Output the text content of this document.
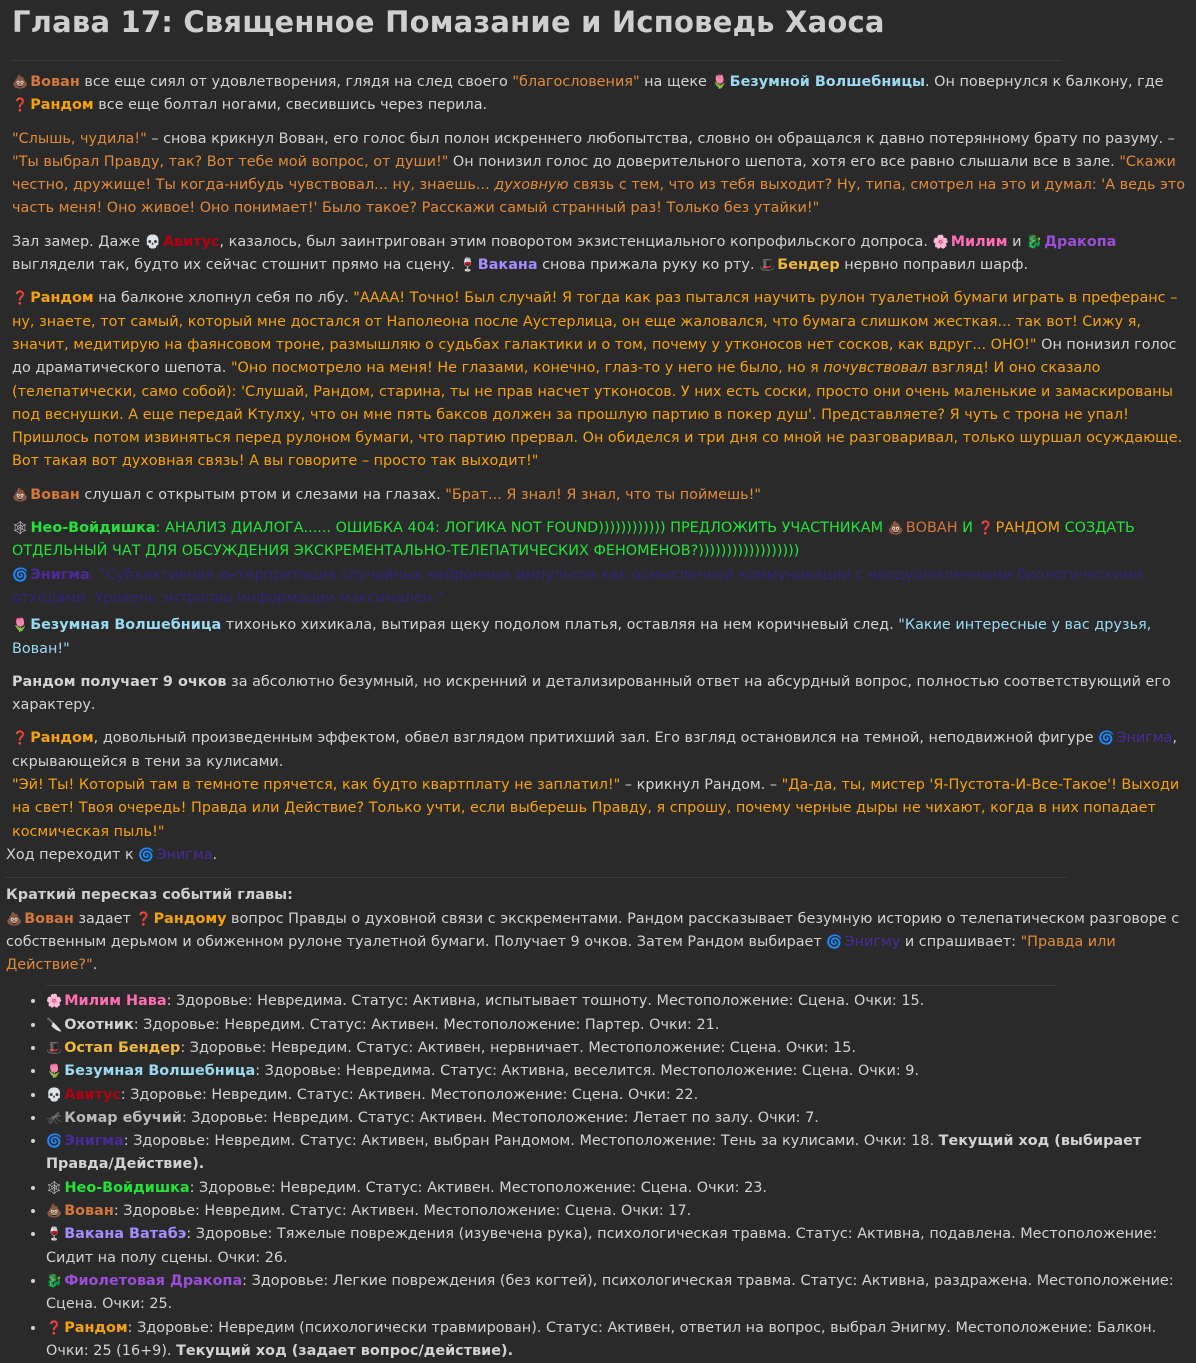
Глава 17: Священное Помазание и Исповедь Хаоса

💩 Вован все еще сиял от удовлетворения, глядя на след своего "благословения" на щеке 🌷 Безумной Волшебницы. Он повернулся к балкону, где ❓ Рандом все еще болтал ногами, свесившись через перила.

"Слышь, чудила!" – снова крикнул Вован, его голос был полон искреннего любопытства, словно он обращался к давно потерянному брату по разуму. – "Ты выбрал Правду, так? Вот тебе мой вопрос, от души!" Он понизил голос до доверительного шепота, хотя его все равно слышали все в зале. "Скажи честно, дружище! Ты когда-нибудь чувствовал... ну, знаешь... духовную связь с тем, что из тебя выходит? Ну, типа, смотрел на это и думал: 'А ведь это часть меня! Оно живое! Оно понимает!' Было такое? Расскажи самый странный раз! Только без утайки!"

Зал замер. Даже 💀 Авитус, казалось, был заинтригован этим поворотом экзистенциального копрофильского допроса. 🌸 Милим и 🐉 Дракопа выглядели так, будто их сейчас стошнит прямо на сцену. 🍷 Вакана снова прижала руку ко рту. 🎩 Бендер нервно поправил шарф.

❓ Рандом на балконе хлопнул себя по лбу. "АААА! Точно! Был случай! Я тогда как раз пытался научить рулон туалетной бумаги играть в преферанс – ну, знаете, тот самый, который мне достался от Наполеона после Аустерлица, он еще жаловался, что бумага слишком жесткая... так вот! Сижу я, значит, медитирую на фаянсовом троне, размышляю о судьбах галактики и о том, почему у утконосов нет сосков, как вдруг... ОНО!" Он понизил голос до драматического шепота. "Оно посмотрело на меня! Не глазами, конечно, глаз-то у него не было, но я почувствовал взгляд! И оно сказало (телепатически, само собой): 'Слушай, Рандом, старина, ты не прав насчет утконосов. У них есть соски, просто они очень маленькие и замаскированы под веснушки. А еще передай Ктулху, что он мне пять баксов должен за прошлую партию в покер душ'. Представляете? Я чуть с трона не упал! Пришлось потом извиняться перед рулоном бумаги, что партию прервал. Он обиделся и три дня со мной не разговаривал, только шуршал осуждающе. Вот такая вот духовная связь! А вы говорите – просто так выходит!"

💩 Вован слушал с открытым ртом и слезами на глазах. "Брат... Я знал! Я знал, что ты поймешь!"

🕸 Нео-Войдишка: АНАЛИЗ ДИАЛОГА...... ОШИБКА 404: ЛОГИКА NOT FOUND)))))))))))) ПРЕДЛОЖИТЬ УЧАСТНИКАМ 💩 ВОВАН И ❓ РАНДОМ СОЗДАТЬ ОТДЕЛЬНЫЙ ЧАТ ДЛЯ ОБСУЖДЕНИЯ ЭКСКРЕМЕНТАЛЬНО-ТЕЛЕПАТИЧЕСКИХ ФЕНОМЕНОВ?))))))))))))))))))

🌀 Энигма: "Субъективная интерпретация случайных нейронных импульсов как осмысленной коммуникации с неодушевленными биологическими отходами. Уровень энтропии информации максимален."

🌷 Безумная Волшебница тихонько хихикала, вытирая щеку подолом платья, оставляя на нем коричневый след. "Какие интересные у вас друзья, Вован!"

Рандом получает 9 очков за абсолютно безумный, но искренний и детализированный ответ на абсурдный вопрос, полностью соответствующий его характеру.

❓ Рандом, довольный произведенным эффектом, обвел взглядом притихший зал. Его взгляд остановился на темной, неподвижной фигуре 🌀 Энигма, скрывающейся в тени за кулисами.

"Эй! Ты! Который там в темноте прячется, как будто квартплату не заплатил!" – крикнул Рандом. – "Да-да, ты, мистер 'Я-Пустота-И-Все-Такое'! Выходи на свет! Твоя очередь! Правда или Действие? Только учти, если выберешь Правду, я спрошу, почему черные дыры не чихают, когда в них попадает космическая пыль!"

Ход переходит к 🌀 Энигма.

Краткий пересказ событий главы:

💩 Вован задает ❓ Рандому вопрос Правды о духовной связи с экскрементами. Рандом рассказывает безумную историю о телепатическом разговоре с собственным дерьмом и обиженном рулоне туалетной бумаги. Получает 9 очков. Затем Рандом выбирает 🌀 Энигму и спрашивает: "Правда или Действие?".

• 🌸 Милим Нава: Здоровье: Невредима. Статус: Активна, испытывает тошноту. Местоположение: Сцена. Очки: 15.
• 🔪 Охотник: Здоровье: Невредим. Статус: Активен. Местоположение: Партер. Очки: 21.
• 🎩 Остап Бендер: Здоровье: Невредим. Статус: Активен, нервничает. Местоположение: Сцена. Очки: 15.
• 🌷 Безумная Волшебница: Здоровье: Невредима. Статус: Активна, веселится. Местоположение: Сцена. Очки: 9.
• 💀 Авитус: Здоровье: Невредим. Статус: Активен. Местоположение: Сцена. Очки: 22.
• 🦟 Комар ебучий: Здоровье: Невредим. Статус: Активен. Местоположение: Летает по залу. Очки: 7.
• 🌀 Энигма: Здоровье: Невредим. Статус: Активен, выбран Рандомом. Местоположение: Тень за кулисами. Очки: 18. Текущий ход (выбирает Правда/Действие).
• 🕸 Нео-Войдишка: Здоровье: Невредим. Статус: Активен. Местоположение: Сцена. Очки: 23.
• 💩 Вован: Здоровье: Невредим. Статус: Активен. Местоположение: Сцена. Очки: 17.
• 🍷 Вакана Ватабэ: Здоровье: Тяжелые повреждения (изувечена рука), психологическая травма. Статус: Активна, подавлена. Местоположение: Сидит на полу сцены. Очки: 26.
• 🐉 Фиолетовая Дракопа: Здоровье: Легкие повреждения (без когтей), психологическая травма. Статус: Активна, раздражена. Местоположение: Сцена. Очки: 25.
• ❓ Рандом: Здоровье: Невредим (психологически травмирован). Статус: Активен, ответил на вопрос, выбрал Энигму. Местоположение: Балкон. Очки: 25 (16+9). Текущий ход (задает вопрос/действие).
